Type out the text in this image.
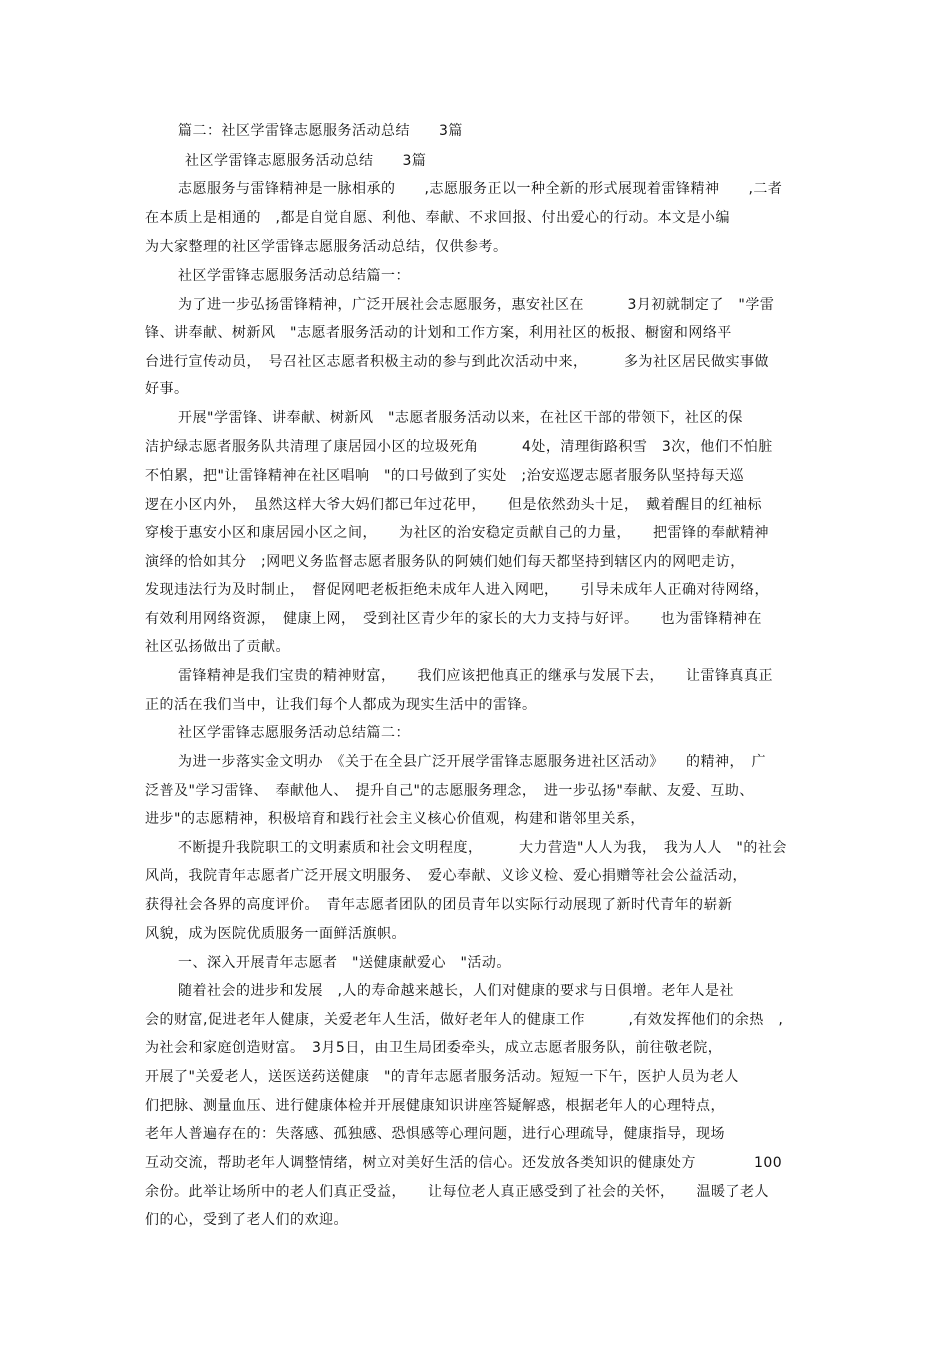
篇二：社区学雷锋志愿服务活动总结　　3篇
社区学雷锋志愿服务活动总结　　3篇
志愿服务与雷锋精神是一脉相承的　　,志愿服务正以一种全新的形式展现着雷锋精神　　,二者
在本质上是相通的　,都是自觉自愿、利他、奉献、不求回报、付出爱心的行动。本文是小编
为大家整理的社区学雷锋志愿服务活动总结，仅供参考。
社区学雷锋志愿服务活动总结篇一：
为了进一步弘扬雷锋精神，广泛开展社会志愿服务，惠安社区在　　　3月初就制定了　"学雷
锋、讲奉献、树新风　"志愿者服务活动的计划和工作方案，利用社区的板报、橱窗和网络平
台进行宣传动员，　号召社区志愿者积极主动的参与到此次活动中来，　　　多为社区居民做实事做
好事。
开展"学雷锋、讲奉献、树新风　"志愿者服务活动以来，在社区干部的带领下，社区的保
洁护绿志愿者服务队共清理了康居园小区的垃圾死角　　　4处，清理街路积雪　3次，他们不怕脏
不怕累，把"让雷锋精神在社区唱响　"的口号做到了实处　;治安巡逻志愿者服务队坚持每天巡
逻在小区内外，　虽然这样大爷大妈们都已年过花甲，　　但是依然劲头十足，　戴着醒目的红袖标
穿梭于惠安小区和康居园小区之间，　　为社区的治安稳定贡献自己的力量，　　把雷锋的奉献精神
演绎的恰如其分　;网吧义务监督志愿者服务队的阿姨们她们每天都坚持到辖区内的网吧走访，
发现违法行为及时制止，　督促网吧老板拒绝未成年人进入网吧，　　引导未成年人正确对待网络，
有效利用网络资源，　健康上网，　受到社区青少年的家长的大力支持与好评。　　也为雷锋精神在
社区弘扬做出了贡献。
雷锋精神是我们宝贵的精神财富，　　我们应该把他真正的继承与发展下去，　　让雷锋真真正
正的活在我们当中，让我们每个人都成为现实生活中的雷锋。
社区学雷锋志愿服务活动总结篇二：
为进一步落实金文明办　《关于在全县广泛开展学雷锋志愿服务进社区活动》　　的精神，　广
泛普及"学习雷锋、　奉献他人、　提升自己"的志愿服务理念，　进一步弘扬"奉献、友爱、互助、
进步"的志愿精神，积极培育和践行社会主义核心价值观，构建和谐邻里关系，
不断提升我院职工的文明素质和社会文明程度，　　　大力营造"人人为我，　我为人人　"的社会
风尚，我院青年志愿者广泛开展文明服务、　爱心奉献、义诊义检、爱心捐赠等社会公益活动，
获得社会各界的高度评价。　青年志愿者团队的团员青年以实际行动展现了新时代青年的崭新
风貌，成为医院优质服务一面鲜活旗帜。
一、深入开展青年志愿者　"送健康献爱心　"活动。
随着社会的进步和发展　,人的寿命越来越长，人们对健康的要求与日俱增。老年人是社
会的财富,促进老年人健康，关爱老年人生活，做好老年人的健康工作　　　,有效发挥他们的余热　,
为社会和家庭创造财富。　3月5日，由卫生局团委牵头，成立志愿者服务队，前往敬老院，
开展了"关爱老人，送医送药送健康　"的青年志愿者服务活动。短短一下午，医护人员为老人
们把脉、测量血压、进行健康体检并开展健康知识讲座答疑解惑，根据老年人的心理特点，
老年人普遍存在的：失落感、孤独感、恐惧感等心理问题，进行心理疏导，健康指导，现场
互动交流，帮助老年人调整情绪，树立对美好生活的信心。还发放各类知识的健康处方　　　　100
余份。此举让场所中的老人们真正受益，　　让每位老人真正感受到了社会的关怀，　　温暖了老人
们的心，受到了老人们的欢迎。
